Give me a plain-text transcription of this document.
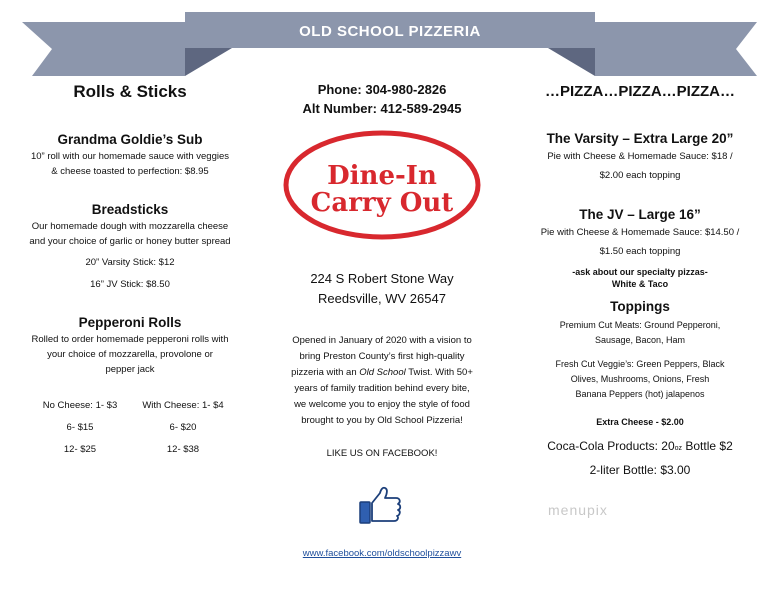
OLD SCHOOL PIZZERIA
Rolls & Sticks

Grandma Goldie’s Sub

10” roll with our homemade sauce with veggies
& cheese toasted to perfection: $8.95

Breadsticks

Our homemade dough with mozzarella cheese
and your choice of garlic or honey butter spread
20” Varsity Stick: $12
16” JV Stick: $8.50

Pepperoni Rolls

Rolled to order homemade pepperoni rolls with
your choice of mozzarella, provolone or
pepper jack
No Cheese: 1- $3
6- $15
12- $25
With Cheese: 1- $4
6- $20
12- $38
Phone: 304-980-2826
Alt Number: 412-589-2945
Dine-In
Carry Out
224 S Robert Stone Way
Reedsville, WV 26547
Opened in January of 2020 with a vision to
bring Preston County’s first high-quality
pizzeria with an Old School Twist. With 50+
years of family tradition behind every bite,
we welcome you to enjoy the style of food
brought to you by Old School Pizzeria!
LIKE US ON FACEBOOK!
www.facebook.com/oldschoolpizzawv
…PIZZA…PIZZA…PIZZA…

The Varsity – Extra Large 20”

Pie with Cheese & Homemade Sauce: $18 /
$2.00 each topping

The JV – Large 16”

Pie with Cheese & Homemade Sauce: $14.50 /
$1.50 each topping
-ask about our specialty pizzas-
White & Taco

Toppings

Premium Cut Meats: Ground Pepperoni,
Sausage, Bacon, Ham
Fresh Cut Veggie’s: Green Peppers, Black
Olives, Mushrooms, Onions, Fresh
Banana Peppers (hot) jalapenos
Extra Cheese - $2.00
Coca-Cola Products: 20oz Bottle $2
2-liter Bottle: $3.00
menupix
